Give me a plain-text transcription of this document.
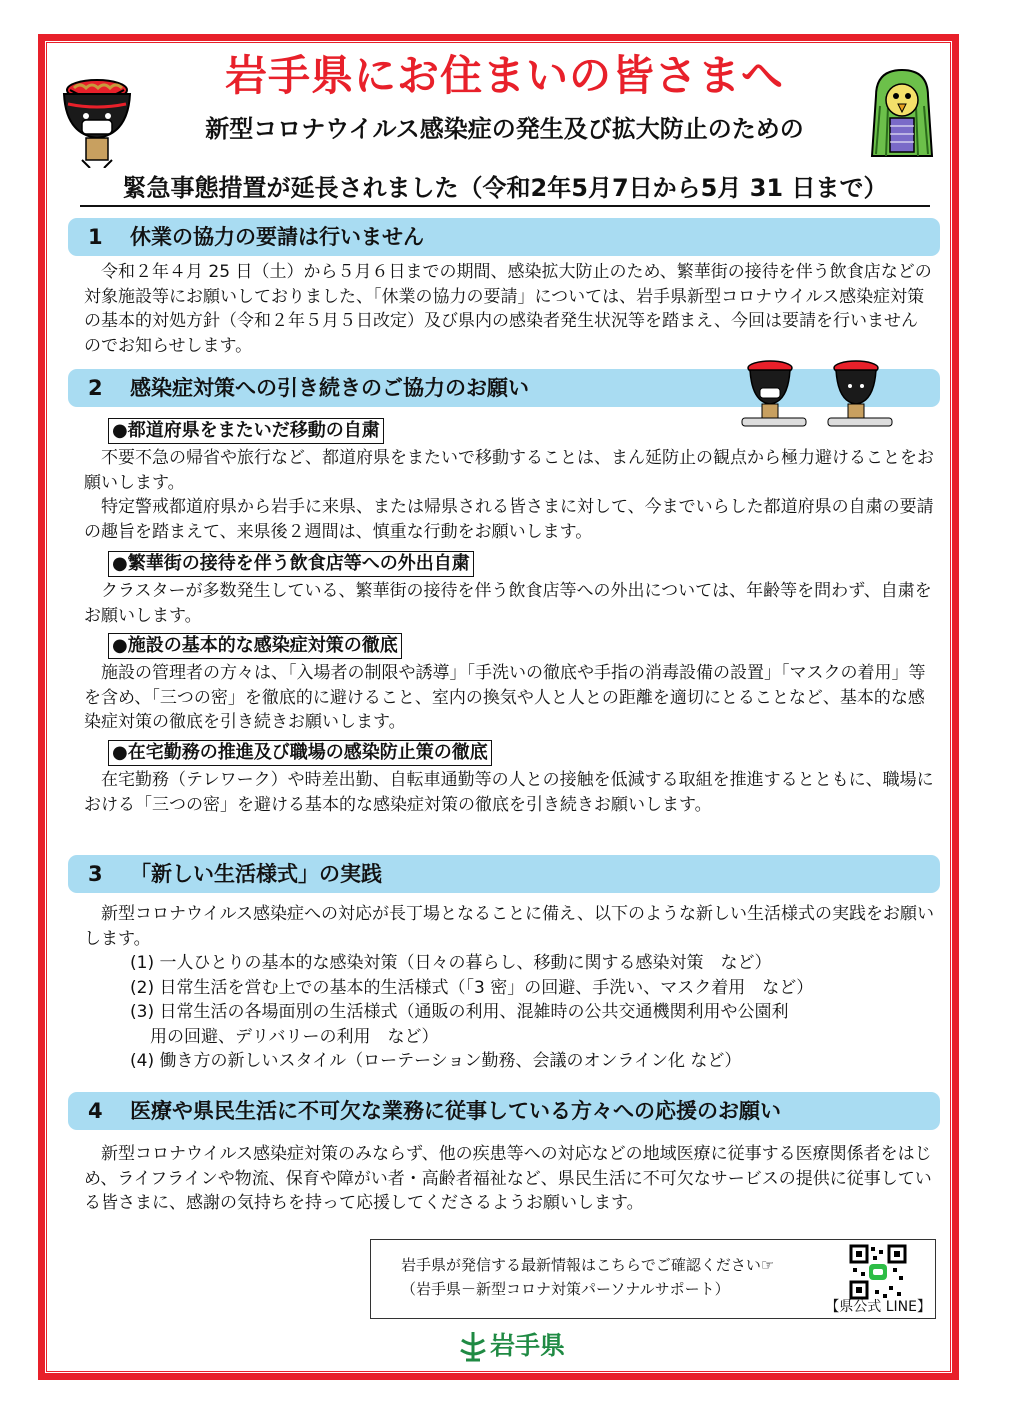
岩手県にお住まいの皆さまへ
新型コロナウイルス感染症の発生及び拡大防止のための
緊急事態措置が延長されました（令和2年5月7日から5月 31 日まで）
1 休業の協力の要請は行いません

令和２年４月 25 日（土）から５月６日までの期間、感染拡大防止のため、繁華街の接待を伴う飲食店などの対象施設等にお願いしておりました、「休業の協力の要請」については、岩手県新型コロナウイルス感染症対策の基本的対処方針（令和２年５月５日改定）及び県内の感染者発生状況等を踏まえ、今回は要請を行いませんのでお知らせします。

2 感染症対策への引き続きのご協力のお願い
●都道府県をまたいだ移動の自粛

不要不急の帰省や旅行など、都道府県をまたいで移動することは、まん延防止の観点から極力避けることをお願いします。

特定警戒都道府県から岩手に来県、または帰県される皆さまに対して、今までいらした都道府県の自粛の要請の趣旨を踏まえて、来県後２週間は、慎重な行動をお願いします。

●繁華街の接待を伴う飲食店等への外出自粛

クラスターが多数発生している、繁華街の接待を伴う飲食店等への外出については、年齢等を問わず、自粛をお願いします。

●施設の基本的な感染症対策の徹底

施設の管理者の方々は、「入場者の制限や誘導」「手洗いの徹底や手指の消毒設備の設置」「マスクの着用」等を含め、「三つの密」を徹底的に避けること、室内の換気や人と人との距離を適切にとることなど、基本的な感染症対策の徹底を引き続きお願いします。

●在宅勤務の推進及び職場の感染防止策の徹底

在宅勤務（テレワーク）や時差出勤、自転車通勤等の人との接触を低減する取組を推進するとともに、職場における「三つの密」を避ける基本的な感染症対策の徹底を引き続きお願いします。

3 「新しい生活様式」の実践

新型コロナウイルス感染症への対応が長丁場となることに備え、以下のような新しい生活様式の実践をお願いします。

(1) 一人ひとりの基本的な感染対策（日々の暮らし、移動に関する感染対策　など）
(2) 日常生活を営む上での基本的生活様式（「3 密」の回避、手洗い、マスク着用　など）
(3) 日常生活の各場面別の生活様式（通販の利用、混雑時の公共交通機関利用や公園利
用の回避、デリバリーの利用　など）
(4) 働き方の新しいスタイル（ローテーション勤務、会議のオンライン化 など）
4 医療や県民生活に不可欠な業務に従事している方々への応援のお願い

新型コロナウイルス感染症対策のみならず、他の疾患等への対応などの地域医療に従事する医療関係者をはじめ、ライフラインや物流、保育や障がい者・高齢者福祉など、県民生活に不可欠なサービスの提供に従事している皆さまに、感謝の気持ちを持って応援してくださるようお願いします。

岩手県が発信する最新情報はこちらでご確認ください☞
（岩手県－新型コロナ対策パーソナルサポート）
【県公式 LINE】
岩手県
